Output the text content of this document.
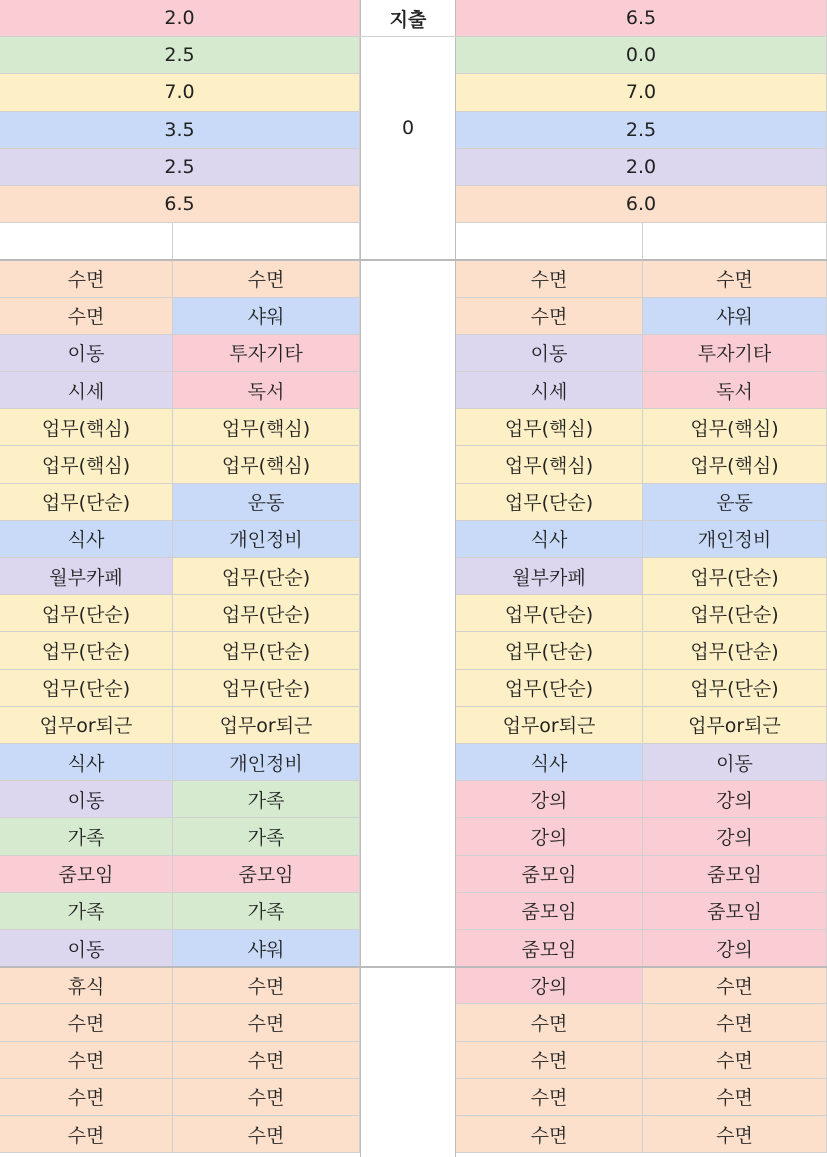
지출
0
2.0	6.5
2.5	0.0
7.0	7.0
3.5	2.5
2.5	2.0
6.5	6.0
수면	수면	수면	수면
수면	샤워	수면	샤워
이동	투자기타	이동	투자기타
시세	독서	시세	독서
업무(핵심)	업무(핵심)	업무(핵심)	업무(핵심)
업무(핵심)	업무(핵심)	업무(핵심)	업무(핵심)
업무(단순)	운동	업무(단순)	운동
식사	개인정비	식사	개인정비
월부카페	업무(단순)	월부카페	업무(단순)
업무(단순)	업무(단순)	업무(단순)	업무(단순)
업무(단순)	업무(단순)	업무(단순)	업무(단순)
업무(단순)	업무(단순)	업무(단순)	업무(단순)
업무or퇴근	업무or퇴근	업무or퇴근	업무or퇴근
식사	개인정비	식사	이동
이동	가족	강의	강의
가족	가족	강의	강의
줌모임	줌모임	줌모임	줌모임
가족	가족	줌모임	줌모임
이동	샤워	줌모임	강의
휴식	수면	강의	수면
수면	수면	수면	수면
수면	수면	수면	수면
수면	수면	수면	수면
수면	수면	수면	수면
